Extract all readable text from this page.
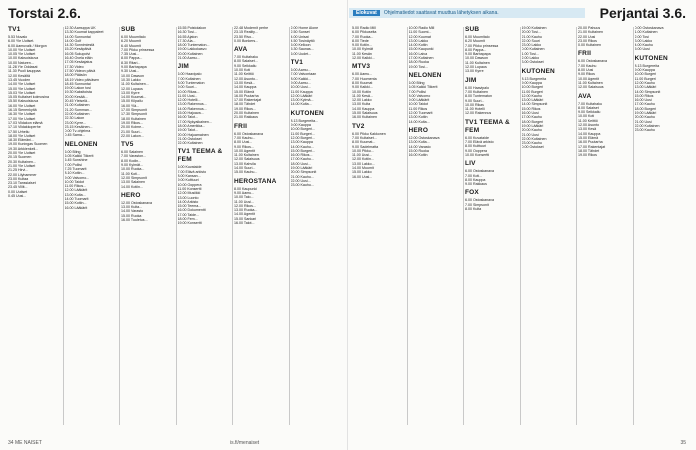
Torstai 2.6.	Elokuvat Ohjelmatiedot saattavat muuttua lähetyksen aikana.	Perjantai 3.6.
TV1
5.53 Nuvalo
6.00 Yle Uutiset.
6.00 Aamuvalk / Morgon
10.00 Yle Uutiset
10.05 Yle Uutiset
10.00 Kaksoiskuva
10.00 Naturen...
11.28 Yle Oddasat
11.30 Puoli kauppaa
12.00 Kesältä
13.45 Vuoden
14.00 Yle Uutiset
15.00 Yle Uutiset
15.03 Yle Uutiset
15.05 Kultaiset kolmosina
15.50 Kaksoiskuva
16.00 Yle Uutiset
16.15 Sienenkyltä
16.30 Yle Uutiset
17.00 Yle Uutiset
17.03 Viidakon elämä
17.10 Viidakkoperhe
17.50 Urheilu
18.00 Yle Uutiset
18.30 Elämäni...
19.00 Kuningas Suomen
19.30 Arkkienkeli...
20.00 Yle Uutiset
20.15 Suomen
20.30 Kultainen...
21.00 Yle Uutiset
21.25 Hirvi...
22.00 Lilyhammer
23.00 Kultaa
23.10 Tanssiaiset
23.45 Villit...
0.00 Uutiset
0.45 Uusi...
12.30 Aamuppa UK
13.30 Kuumat kappaleet
14.00 Sunnuntai
14.00 Golf
14.30 Sonnimiestä
15.20 Kesäpäivä
16.05 Sukupolvi
16.40 Ovela eläin
17.05 Kesäajatus
17.30 Video
17.50 Videon päivä
18.00 Pääsön
18.19 Video päiväsen
18.45 Sunnuntai
19.00 Lakon tosi
19.30 Kaksitoista
20.00 Kesää...
20.45 Yleiselä...
21.00 Kultainen
21.20 Summan...
22.00 Kultainen
22.30 Lakon
23.00 Kyrre...
23.15 Kesäinen...
0.00 Tv-ohjelma
0.45 Sama...
NELONEN
6.00 Bling
6.05 Kaikki Tiikerit
6.45 Sunshine
7.00 Poliisi
7.25 Tuomarit
8.10 Kotiin...
9.00 Valvomo...
10.00 Taidot
11.00 Rikos...
12.00 Lääkärit
13.00 Kulta...
14.00 Tuomarit
15.00 Kotiin...
16.00 Lääkärit
SUB
6.00 Muumitalo
6.20 Muumit
6.40 Muumit
7.00 Pikku prinsessa
7.35 Uusi...
8.00 Pappa...
8.30 Ritari...
9.00 Barbapapa
9.30 Uusi...
10.00 Dawson
10.30 Lakko
11.00 Kultainen...
12.00 Lupaus
13.00 Kyrre
14.00 Kuumat...
15.00 Kilpailu
16.00 Ylä...
17.00 Simpsonit
17.30 Simpsonit
18.00 Kultainen
19.00 Rikos...
20.00 Kolme...
21.00 Suuri...
22.00 Lakon...
TV5
6.00 Salainen
7.00 Varaston...
8.00 Kodin...
9.00 Kylmät...
10.00 Ruoka...
11.00 Koti...
12.00 Simpsonit
13.00 Salainen
14.00 Kotiin...
HERO
12.00 Ostoskanava
13.00 Kulta...
14.00 Varasto
15.00 Ruoka
16.00 Tuuletus...
15.55 Poistolakon
16.30 Tosi...
16.55 Ajaton
17.30 Ala...
18.00 Tuntematon...
19.00 Lakkokasvo
20.00 Kultainen
21.00 Aamu...
JIM
6.00 Haavipalo
7.00 Kultainen
8.00 Tuntematon
9.00 Suuri...
10.00 Rikas...
11.00 Uusi...
12.00 Hotelli...
13.00 Rakennus...
14.00 Rakennus...
15.00 Hajoava...
16.00 Talot...
17.00 Nykyaikainen...
18.00 Amerikka...
19.00 Talot...
20.00 Hajuamainen
21.00 Ostokset
22.00 Kultainen
TV1 TEEMA & FEM
6.00 Kuvataide
7.00 Elävä arkisto
8.00 Kansan...
9.00 Kulttuuri
10.00 Ooppera
11.00 Konsertti
12.00 Musiikki
13.00 Luonto
14.00 Arkisto
15.00 Teema...
16.00 Dokumentti
17.00 Taide...
18.00 Fem...
19.00 Konsertti
22.48 Modernit perhe
23.15 Reality...
23.50 Rivo...
0.00 Bonkers...
AVA
7.00 Kultahaku
8.00 Salaiset...
9.00 Seikkailu
10.00 Koti
11.00 Keittiö
12.00 Asunto...
13.00 Kesä...
14.00 Kauppa
15.00 Elämä
16.00 Puutarha
17.00 Rakentajat
18.00 Tähdet
19.00 Rikos...
20.00 Kultainen
21.00 Rakkaus
FRII
6.00 Ostoskanava
7.00 Kauhu...
8.00 Uusi...
9.00 Rikos...
10.00 Agentit
11.00 Kultainen
12.00 Salaisuus
13.00 Kahvila
14.00 Suuri...
15.00 Kauhu...
HEROSTANA
8.00 Kaupunki
9.00 Aamu...
10.00 Talo...
11.00 Uusi...
12.00 Rikos...
13.00 Ruoka...
14.00 Agentit
15.00 Sankari
16.00 Talot...
2.00 Home Alone
2.50 Sunset
4.00 Unisat
4.50 Tosinäyttö
5.00 Kelloon
5.30 Saunas...
6.00 Uudet...
TV1
6.00 Aamu...
7.00 Valvontaan
8.00 Kaikki...
9.00 Aamu...
10.00 Uusi...
11.00 Kauppa
12.00 Lääkäri
13.00 Kylmä...
14.00 Kulta...
KUTONEN
8.13 Burgereita...
9.00 Kauppa
10.00 Burgeri...
11.00 Burgeri...
12.00 Burgeri...
13.00 Kauppa
14.00 Kauhu...
15.00 Burgeri...
16.00 Rikos...
17.00 Kauhu...
18.00 Uusi...
19.00 Lääkäri
20.00 Simpsonit
21.00 Kauhu...
22.00 Uusi...
23.00 Kauhu...
5.00 Radio Mill
6.00 Pikkuseita
7.00 Ruoka...
8.00 Tiede
9.00 Kotiin...
10.00 Kylmät
11.00 Kesän
12.00 Kaikki...
MTV3
6.00 Aamu...
7.00 Huomenta
8.00 Kuumat
9.00 Kaikki...
10.00 Kotiin
11.00 Kesä...
12.00 Lakko
13.00 Kulta
14.00 Kauppa
15.00 Salaisuus
16.00 Kultainen
TV2
6.00 Pikku Kakkonen
7.00 Kultaiset...
8.00 Kuumat...
9.00 Sadelmatta
10.00 Pikku...
11.00 Uusi...
12.00 Kotiin...
13.00 Lakko...
14.00 Muumit
15.00 Lakko
16.00 Uusi...
10.00 Radio Mill
11.00 Suomi...
12.00 Kuumat
13.00 Lakko
14.00 Kotiin
15.00 Kaupunki
16.00 Laiva
17.00 Kultainen
18.00 Ruoka
19.00 Tosi...
NELONEN
6.00 Bling
6.05 Kaikki Tiikerit
7.00 Poliisi
8.00 Valvomo
9.00 Lääkärit
10.00 Taidot
11.00 Rikos
12.00 Tuomarit
13.00 Kotiin
14.00 Kulta...
HERO
12.00 Ostoskanava
13.00 Kulta...
14.00 Varasto
15.00 Ruoka
16.00 Kotiin
SUB
6.00 Muumitalo
6.20 Muumit
7.00 Pikku prinsessa
8.00 Pappa...
9.00 Barbapapa
10.00 Dawson
11.00 Kultainen
12.00 Lupaus
13.00 Kyrre
JIM
6.00 Haavipalo
7.00 Kultainen
8.00 Tuntematon
9.00 Suuri...
10.00 Rikas
11.00 Hotelli
12.00 Rakennus
TV1 TEEMA & FEM
6.00 Kuvataide
7.00 Elävä arkisto
8.00 Kulttuuri
9.00 Ooppera
10.00 Konsertti
LIV
6.00 Ostoskanava
7.00 Koti...
8.00 Kauppa
9.00 Rakkaus
FOX
6.00 Ostoskanava
7.00 Simpsonit
8.00 Kulta
19.00 Kultainen
20.00 Tosi...
21.00 Kauhu
22.00 Suuri
23.00 Lakko
0.00 Kultainen
1.00 Tosi...
2.00 Lakko
3.00 Ostokset
KUTONEN
8.13 Burgereita
9.00 Kauppa
10.00 Burgeri
11.00 Burgeri
12.00 Kauhu
13.00 Lääkäri
14.00 Simpsonit
15.00 Rikos
16.00 Uusi
17.00 Kauhu
18.00 Burgeri
19.00 Lääkäri
20.00 Kauhu
21.00 Uusi
22.00 Kultainen
23.00 Kauhu
0.00 Ostokset
20.00 Pahuus
21.00 Kultainen
22.00 Uusi
23.00 Rikos
0.00 Kultainen
FRII
6.00 Ostoskanava
7.00 Kauhu
8.00 Uusi
9.00 Rikos
10.00 Agentit
11.00 Kultainen
12.00 Salaisuus
AVA
7.00 Kultahaku
8.00 Salaiset
9.00 Seikkailu
10.00 Koti
11.00 Keittiö
12.00 Asunto
13.00 Kesä
14.00 Kauppa
15.00 Elämä
16.00 Puutarha
17.00 Rakentajat
18.00 Tähdet
19.00 Rikos
0.00 Ostoskanava
1.00 Kultainen
2.00 Tosi
3.00 Lakko
4.00 Kauhu
5.00 Uusi
KUTONEN
8.13 Burgereita
9.00 Kauppa
10.00 Burgeri
11.00 Burgeri
12.00 Kauhu
13.00 Lääkäri
14.00 Simpsonit
15.00 Rikos
16.00 Uusi
17.00 Kauhu
18.00 Burgeri
19.00 Lääkäri
20.00 Kauhu
21.00 Uusi
22.00 Kultainen
23.00 Kauhu
34 ME NAISET	is.fi/menaiset	35
